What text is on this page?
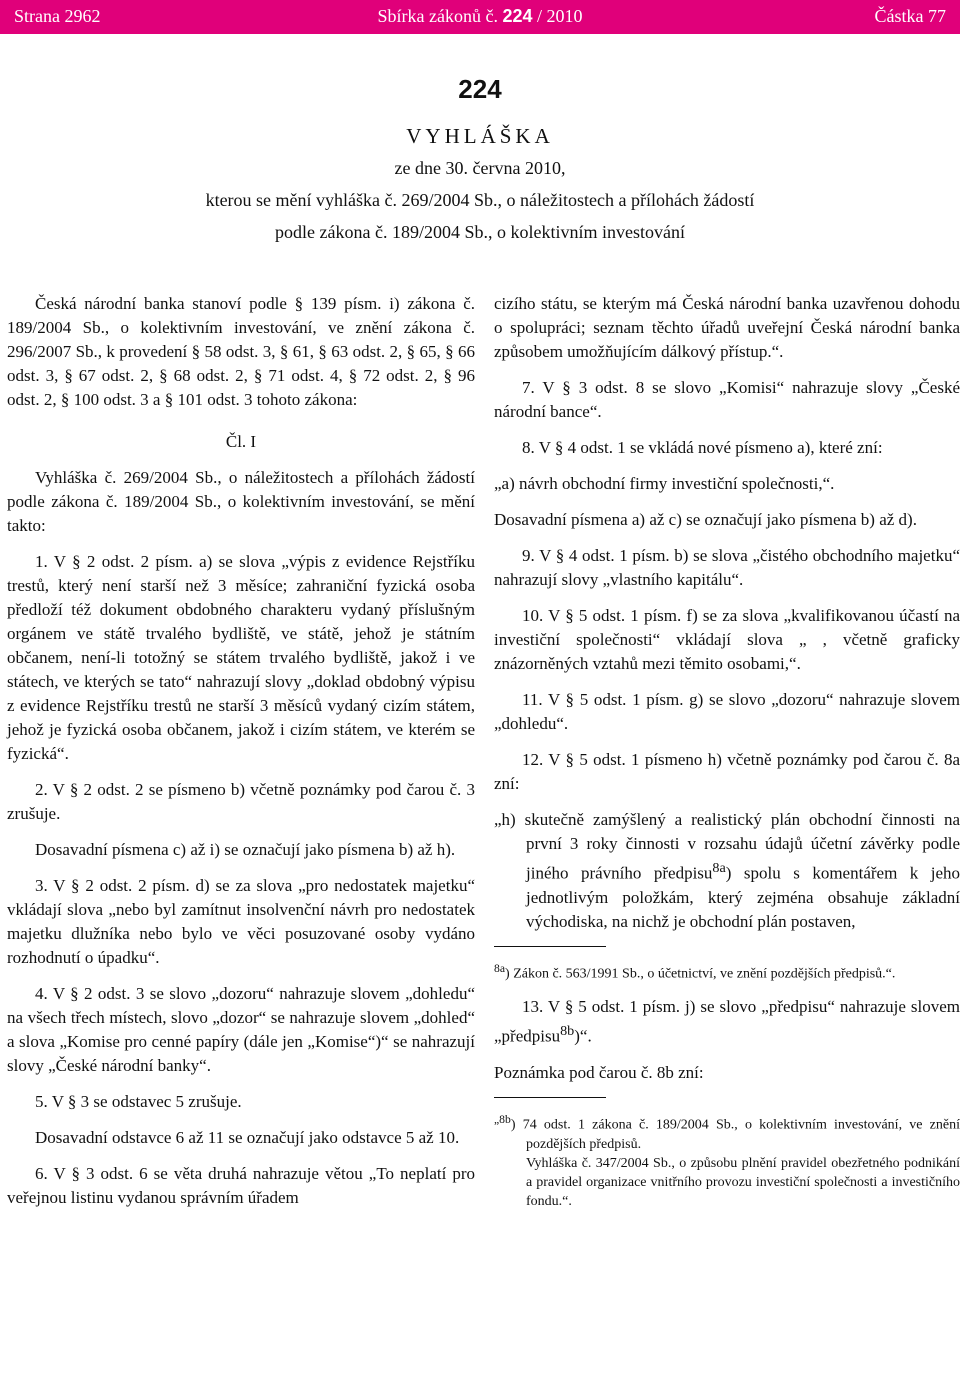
Strana 2962	Sbírka zákonů č. 224 / 2010	Částka 77
224
VYHLÁŠKA
ze dne 30. června 2010,
kterou se mění vyhláška č. 269/2004 Sb., o náležitostech a přílohách žádostí
podle zákona č. 189/2004 Sb., o kolektivním investování

Česká národní banka stanoví podle § 139 písm. i) zákona č. 189/2004 Sb., o kolektivním investování, ve znění zákona č. 296/2007 Sb., k provedení § 58 odst. 3, § 61, § 63 odst. 2, § 65, § 66 odst. 3, § 67 odst. 2, § 68 odst. 2, § 71 odst. 4, § 72 odst. 2, § 96 odst. 2, § 100 odst. 3 a § 101 odst. 3 tohoto zákona:

Čl. I

Vyhláška č. 269/2004 Sb., o náležitostech a přílohách žádostí podle zákona č. 189/2004 Sb., o kolektivním investování, se mění takto:

1. V § 2 odst. 2 písm. a) se slova „výpis z evidence Rejstříku trestů, který není starší než 3 měsíce; zahraniční fyzická osoba předloží též dokument obdobného charakteru vydaný příslušným orgánem ve státě trvalého bydliště, ve státě, jehož je státním občanem, není-li totožný se státem trvalého bydliště, jakož i ve státech, ve kterých se tato“ nahrazují slovy „doklad obdobný výpisu z evidence Rejstříku trestů ne starší 3 měsíců vydaný cizím státem, jehož je fyzická osoba občanem, jakož i cizím státem, ve kterém se fyzická“.

2. V § 2 odst. 2 se písmeno b) včetně poznámky pod čarou č. 3 zrušuje.

Dosavadní písmena c) až i) se označují jako písmena b) až h).

3. V § 2 odst. 2 písm. d) se za slova „pro nedostatek majetku“ vkládají slova „nebo byl zamítnut insolvenční návrh pro nedostatek majetku dlužníka nebo bylo ve věci posuzované osoby vydáno rozhodnutí o úpadku“.

4. V § 2 odst. 3 se slovo „dozoru“ nahrazuje slovem „dohledu“ na všech třech místech, slovo „dozor“ se nahrazuje slovem „dohled“ a slova „Komise pro cenné papíry (dále jen „Komise“)“ se nahrazují slovy „České národní banky“.

5. V § 3 se odstavec 5 zrušuje.

Dosavadní odstavce 6 až 11 se označují jako odstavce 5 až 10.

6. V § 3 odst. 6 se věta druhá nahrazuje větou „To neplatí pro veřejnou listinu vydanou správním úřadem

cizího státu, se kterým má Česká národní banka uzavřenou dohodu o spolupráci; seznam těchto úřadů uveřejní Česká národní banka způsobem umožňujícím dálkový přístup.“.

7. V § 3 odst. 8 se slovo „Komisi“ nahrazuje slovy „České národní bance“.

8. V § 4 odst. 1 se vkládá nové písmeno a), které zní:

„a) návrh obchodní firmy investiční společnosti,“.

Dosavadní písmena a) až c) se označují jako písmena b) až d).

9. V § 4 odst. 1 písm. b) se slova „čistého obchodního majetku“ nahrazují slovy „vlastního kapitálu“.

10. V § 5 odst. 1 písm. f) se za slova „kvalifikovanou účastí na investiční společnosti“ vkládají slova „ , včetně graficky znázorněných vztahů mezi těmito osobami,“.

11. V § 5 odst. 1 písm. g) se slovo „dozoru“ nahrazuje slovem „dohledu“.

12. V § 5 odst. 1 písmeno h) včetně poznámky pod čarou č. 8a zní:

„h) skutečně zamýšlený a realistický plán obchodní činnosti na první 3 roky činnosti v rozsahu údajů účetní závěrky podle jiného právního předpisu$^{8a}$) spolu s komentářem k jeho jednotlivým položkám, který zejména obsahuje základní východiska, na nichž je obchodní plán postaven,

$^{8a}$) Zákon č. 563/1991 Sb., o účetnictví, ve znění pozdějších předpisů.“.

13. V § 5 odst. 1 písm. j) se slovo „předpisu“ nahrazuje slovem „předpisu$^{8b}$)“.

Poznámka pod čarou č. 8b zní:

$^{„8b}$) 74 odst. 1 zákona č. 189/2004 Sb., o kolektivním investování, ve znění pozdějších předpisů.
Vyhláška č. 347/2004 Sb., o způsobu plnění pravidel obezřetného podnikání a pravidel organizace vnitřního provozu investiční společnosti a investičního fondu.“.
